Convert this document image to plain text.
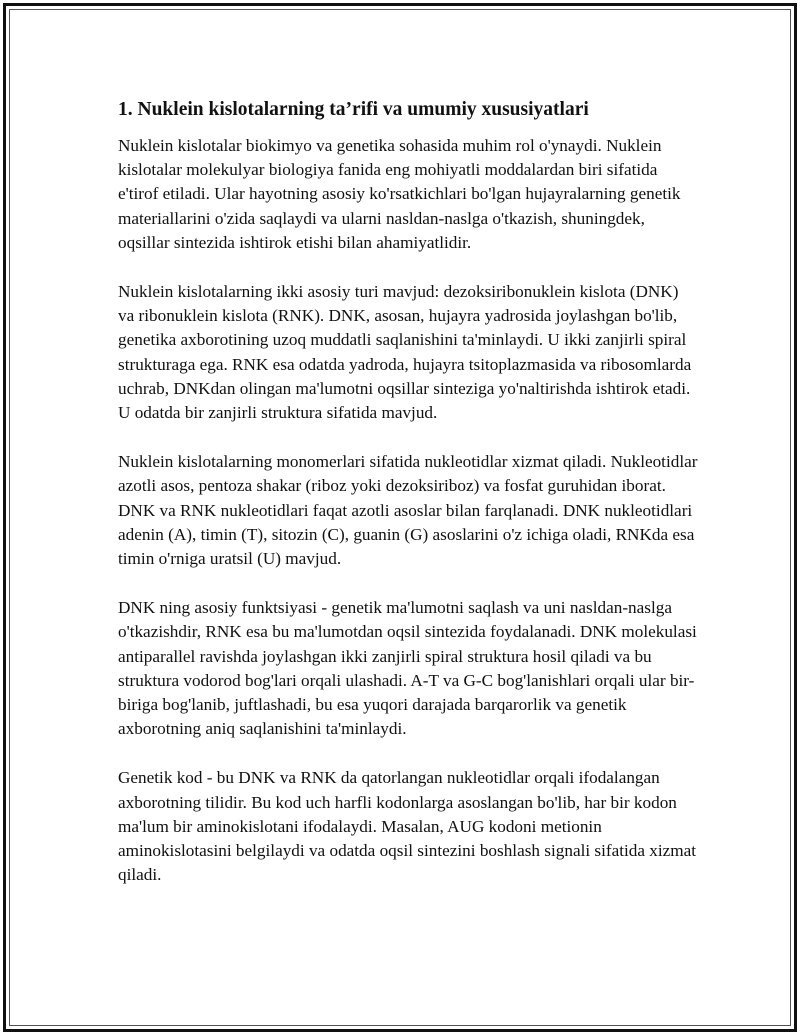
1. Nuklein kislotalarning ta’rifi va umumiy xususiyatlari

Nuklein kislotalar biokimyo va genetika sohasida muhim rol o'ynaydi. Nuklein kislotalar molekulyar biologiya fanida eng mohiyatli moddalardan biri sifatida e'tirof etiladi. Ular hayotning asosiy ko'rsatkichlari bo'lgan hujayralarning genetik materiallarini o'zida saqlaydi va ularni nasldan-naslga o'tkazish, shuningdek, oqsillar sintezida ishtirok etishi bilan ahamiyatlidir.

Nuklein kislotalarning ikki asosiy turi mavjud: dezoksiribonuklein kislota (DNK) va ribonuklein kislota (RNK). DNK, asosan, hujayra yadrosida joylashgan bo'lib, genetika axborotining uzoq muddatli saqlanishini ta'minlaydi. U ikki zanjirli spiral strukturaga ega. RNK esa odatda yadroda, hujayra tsitoplazmasida va ribosomlarda uchrab, DNKdan olingan ma'lumotni oqsillar sinteziga yo'naltirishda ishtirok etadi. U odatda bir zanjirli struktura sifatida mavjud.

Nuklein kislotalarning monomerlari sifatida nukleotidlar xizmat qiladi. Nukleotidlar azotli asos, pentoza shakar (riboz yoki dezoksiriboz) va fosfat guruhidan iborat. DNK va RNK nukleotidlari faqat azotli asoslar bilan farqlanadi. DNK nukleotidlari adenin (A), timin (T), sitozin (C), guanin (G) asoslarini o'z ichiga oladi, RNKda esa timin o'rniga uratsil (U) mavjud.

DNK ning asosiy funktsiyasi - genetik ma'lumotni saqlash va uni nasldan-naslga o'tkazishdir, RNK esa bu ma'lumotdan oqsil sintezida foydalanadi. DNK molekulasi antiparallel ravishda joylashgan ikki zanjirli spiral struktura hosil qiladi va bu struktura vodorod bog'lari orqali ulashadi. A-T va G-C bog'lanishlari orqali ular bir-biriga bog'lanib, juftlashadi, bu esa yuqori darajada barqarorlik va genetik axborotning aniq saqlanishini ta'minlaydi.

Genetik kod - bu DNK va RNK da qatorlangan nukleotidlar orqali ifodalangan axborotning tilidir. Bu kod uch harfli kodonlarga asoslangan bo'lib, har bir kodon ma'lum bir aminokislotani ifodalaydi. Masalan, AUG kodoni metionin aminokislotasini belgilaydi va odatda oqsil sintezini boshlash signali sifatida xizmat qiladi.
